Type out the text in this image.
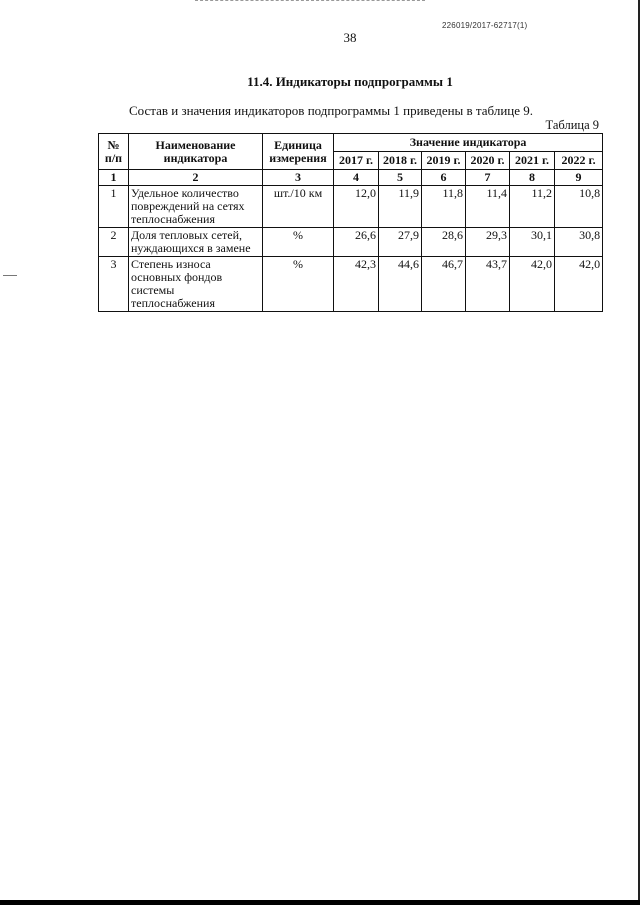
226019/2017-62717(1)
38
11.4. Индикаторы подпрограммы 1
Состав и значения индикаторов подпрограммы 1 приведены в таблице 9.
Таблица 9
№ п/п	Наименование индикатора	Единица измерения	Значение индикатора					
			2017 г.	2018 г.	2019 г.	2020 г.	2021 г.	2022 г.
1	2	3	4	5	6	7	8	9
1	Удельное количество повреждений на сетях теплоснабжения	шт./10 км	12,0	11,9	11,8	11,4	11,2	10,8
2	Доля тепловых сетей, нуждающихся в замене	%	26,6	27,9	28,6	29,3	30,1	30,8
3	Степень износа основных фондов системы теплоснабжения	%	42,3	44,6	46,7	43,7	42,0	42,0
